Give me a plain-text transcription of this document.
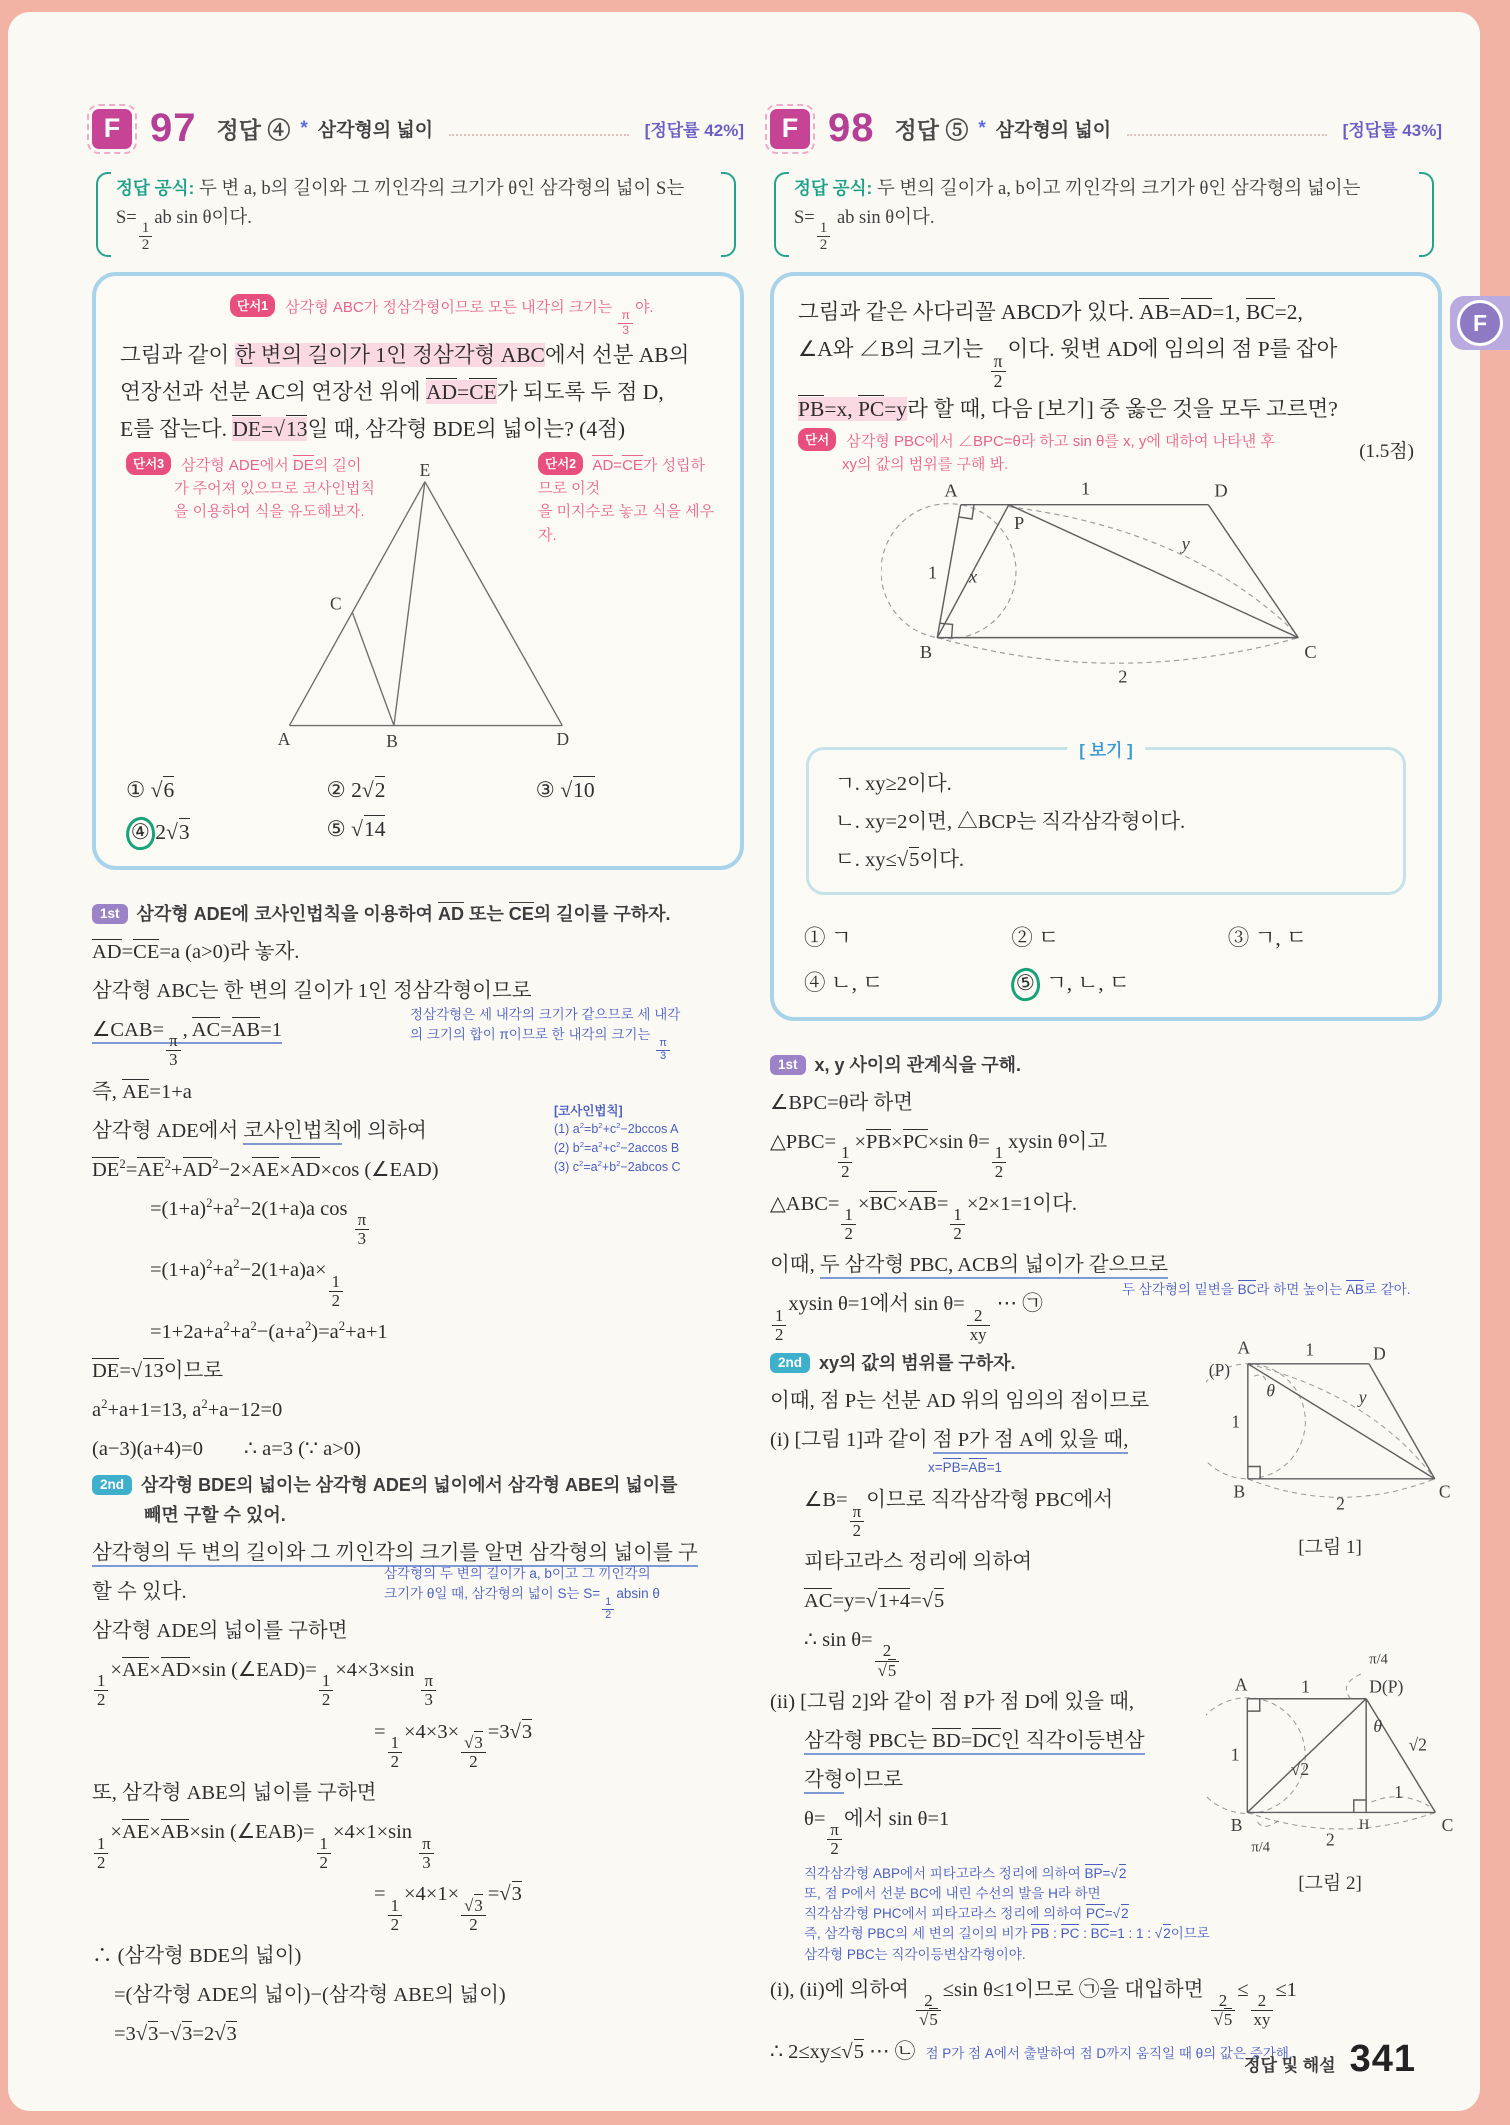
F 97 정답 ④ * 삼각형의 넓이	[정답률 42%]
정답 공식: 두 변 a, b의 길이와 그 끼인각의 크기가 θ인 삼각형의 넓이 S는
S=
$\frac{1}{2}$
ab sin θ이다.
단서1 삼각형 ABC가 정삼각형이므로 모든 내각의 크기는
$\frac{\pi}{3}$
야.
그림과 같이 한 변의 길이가 1인 정삼각형 ABC에서 선분 AB의
연장선과 선분 AC의 연장선 위에 AD=CE가 되도록 두 점 D,
E를 잡는다. DE=√13일 때, 삼각형 BDE의 넓이는? (4점)
단서3 삼각형 ADE에서 DE의 길이
가 주어져 있으므로 코사인법칙
을 이용하여 식을 유도해보자.
단서2 AD=CE가 성립하므로 이것
을 미지수로 놓고 식을 세우자.
E
C
A	B	D
① √6	② 2√2	③ √10
④ 2√3	⑤ √14
1st 삼각형 ADE에 코사인법칙을 이용하여 AD 또는 CE의 길이를 구하자.
AD=CE=a (a>0)라 놓자.
삼각형 ABC는 한 변의 길이가 1인 정삼각형이므로
∠CAB=
$\frac{\pi}{3}$
, AC=AB=1
정삼각형은 세 내각의 크기가 같으므로 세 내각
의 크기의 합이 π이므로 한 내각의 크기는
$\frac{\pi}{3}$
즉, AE=1+a
삼각형 ADE에서 코사인법칙에 의하여
[코사인법칙]
(1) $a^2=b^2+c^2-2bccos$ A
(2) $b^2=a^2+c^2-2accos$ B
(3) $c^2=a^2+b^2-2abcos$ C
$DE^2=AE^2+AD^2-2\times AE\times AD\times\cos$ (∠EAD)
$=(1+a)^2+a^2-2(1+a)a$ cos
$\frac{\pi}{3}$
$=(1+a)^2+a^2-2(1+a)a\times$
$\frac{1}{2}$
$=1+2a+a^2+a^2-(a+a^2)=a^2+a+1$
DE=√13이므로
$a^2+a+1=13$, $a^2+a-12=0$
(a−3)(a+4)=0        ∴ a=3 (∵ a>0)
2nd 삼각형 BDE의 넓이는 삼각형 ADE의 넓이에서 삼각형 ABE의 넓이를
빼면 구할 수 있어.
삼각형의 두 변의 길이와 그 끼인각의 크기를 알면 삼각형의 넓이를 구
할 수 있다.
삼각형의 두 변의 길이가 a, b이고 그 끼인각의
크기가 θ일 때, 삼각형의 넓이 S는 S=
$\frac{1}{2}$
absin θ
삼각형 ADE의 넓이를 구하면
$\frac{1}{2}$
×AE×AD×sin (∠EAD)=
$\frac{1}{2}$
×4×3×sin
$\frac{\pi}{3}$
=
$\frac{1}{2}$
×4×3×
$\frac{√3}{2}$
=3√3
또, 삼각형 ABE의 넓이를 구하면
$\frac{1}{2}$
×AE×AB×sin (∠EAB)=
$\frac{1}{2}$
×4×1×sin
$\frac{\pi}{3}$
=
$\frac{1}{2}$
×4×1×
$\frac{√3}{2}$
=√3
∴ (삼각형 BDE의 넓이)
=(삼각형 ADE의 넓이)−(삼각형 ABE의 넓이)
=3√3−√3=2√3
F 98 정답 ⑤ * 삼각형의 넓이	[정답률 43%]
정답 공식: 두 변의 길이가 a, b이고 끼인각의 크기가 θ인 삼각형의 넓이는
S=
$\frac{1}{2}$
ab sin θ이다.
그림과 같은 사다리꼴 ABCD가 있다. AB=AD=1, BC=2,
∠A와 ∠B의 크기는
$\frac{\pi}{2}$
이다. 윗변 AD에 임의의 점 P를 잡아
PB=x, PC=y라 할 때, 다음 [보기] 중 옳은 것을 모두 고르면?
단서 삼각형 PBC에서 ∠BPC=θ라 하고 sin θ를 x, y에 대하여 나타낸 후
xy의 값의 범위를 구해 봐.
(1.5점)
A	D
P
B	C
1
1 x
y
2
[ 보기 ]
ㄱ. xy≥2이다.
ㄴ. xy=2이면, △BCP는 직각삼각형이다.
ㄷ. xy≤√5이다.
① ㄱ	② ㄷ	③ ㄱ, ㄷ
④ ㄴ, ㄷ	⑤ ㄱ, ㄴ, ㄷ
1st x, y 사이의 관계식을 구해.
∠BPC=θ라 하면
△PBC=
$\frac{1}{2}$
×PB×PC×sin θ=
$\frac{1}{2}$
xysin θ이고
△ABC=
$\frac{1}{2}$
×BC×AB=
$\frac{1}{2}$
×2×1=1이다.
이때, 두 삼각형 PBC, ACB의 넓이가 같으므로
두 삼각형의 밑변을 BC라 하면 높이는 AB로 같아.
$\frac{1}{2}$
xysin θ=1에서 sin θ=
$\frac{2}{xy}$
⋯ ㉠
2nd xy의 값의 범위를 구하자.
이때, 점 P는 선분 AD 위의 임의의 점이므로
(i) [그림 1]과 같이 점 P가 점 A에 있을 때,
x=PB=AB=1
∠B=
$\frac{\pi}{2}$
이므로 직각삼각형 PBC에서
피타고라스 정리에 의하여
AC=y=√1+4=√5
∴ sin θ=
$\frac{2}{√5}$
(ii) [그림 2]와 같이 점 P가 점 D에 있을 때,
삼각형 PBC는 BD=DC인 직각이등변삼
각형이므로
θ=
$\frac{\pi}{2}$
에서 sin θ=1
직각삼각형 ABP에서 피타고라스 정리에 의하여 BP=√2
또, 점 P에서 선분 BC에 내린 수선의 발을 H라 하면
직각삼각형 PHC에서 피타고라스 정리에 의하여 PC=√2
즉, 삼각형 PBC의 세 변의 길이의 비가 PB : PC : BC=1 : 1 : √2이므로
삼각형 PBC는 직각이등변삼각형이야.
(i), (ii)에 의하여
$\frac{2}{√5}$
≤sin θ≤1이므로 ㉠을 대입하면
$\frac{2}{√5}$
≤
$\frac{2}{xy}$
≤1
∴ 2≤xy≤√5 ⋯ ㉡ 점 P가 점 A에서 출발하여 점 D까지 움직일 때 θ의 값은 증가해.
A
(P)
D
B	C
θ
1
1
y
2
[그림 1]
A	D(P)
B	C
H
θ
π/4
π/4
1
1
√2
√2
1
2
[그림 2]
정답 및 해설 341
F
